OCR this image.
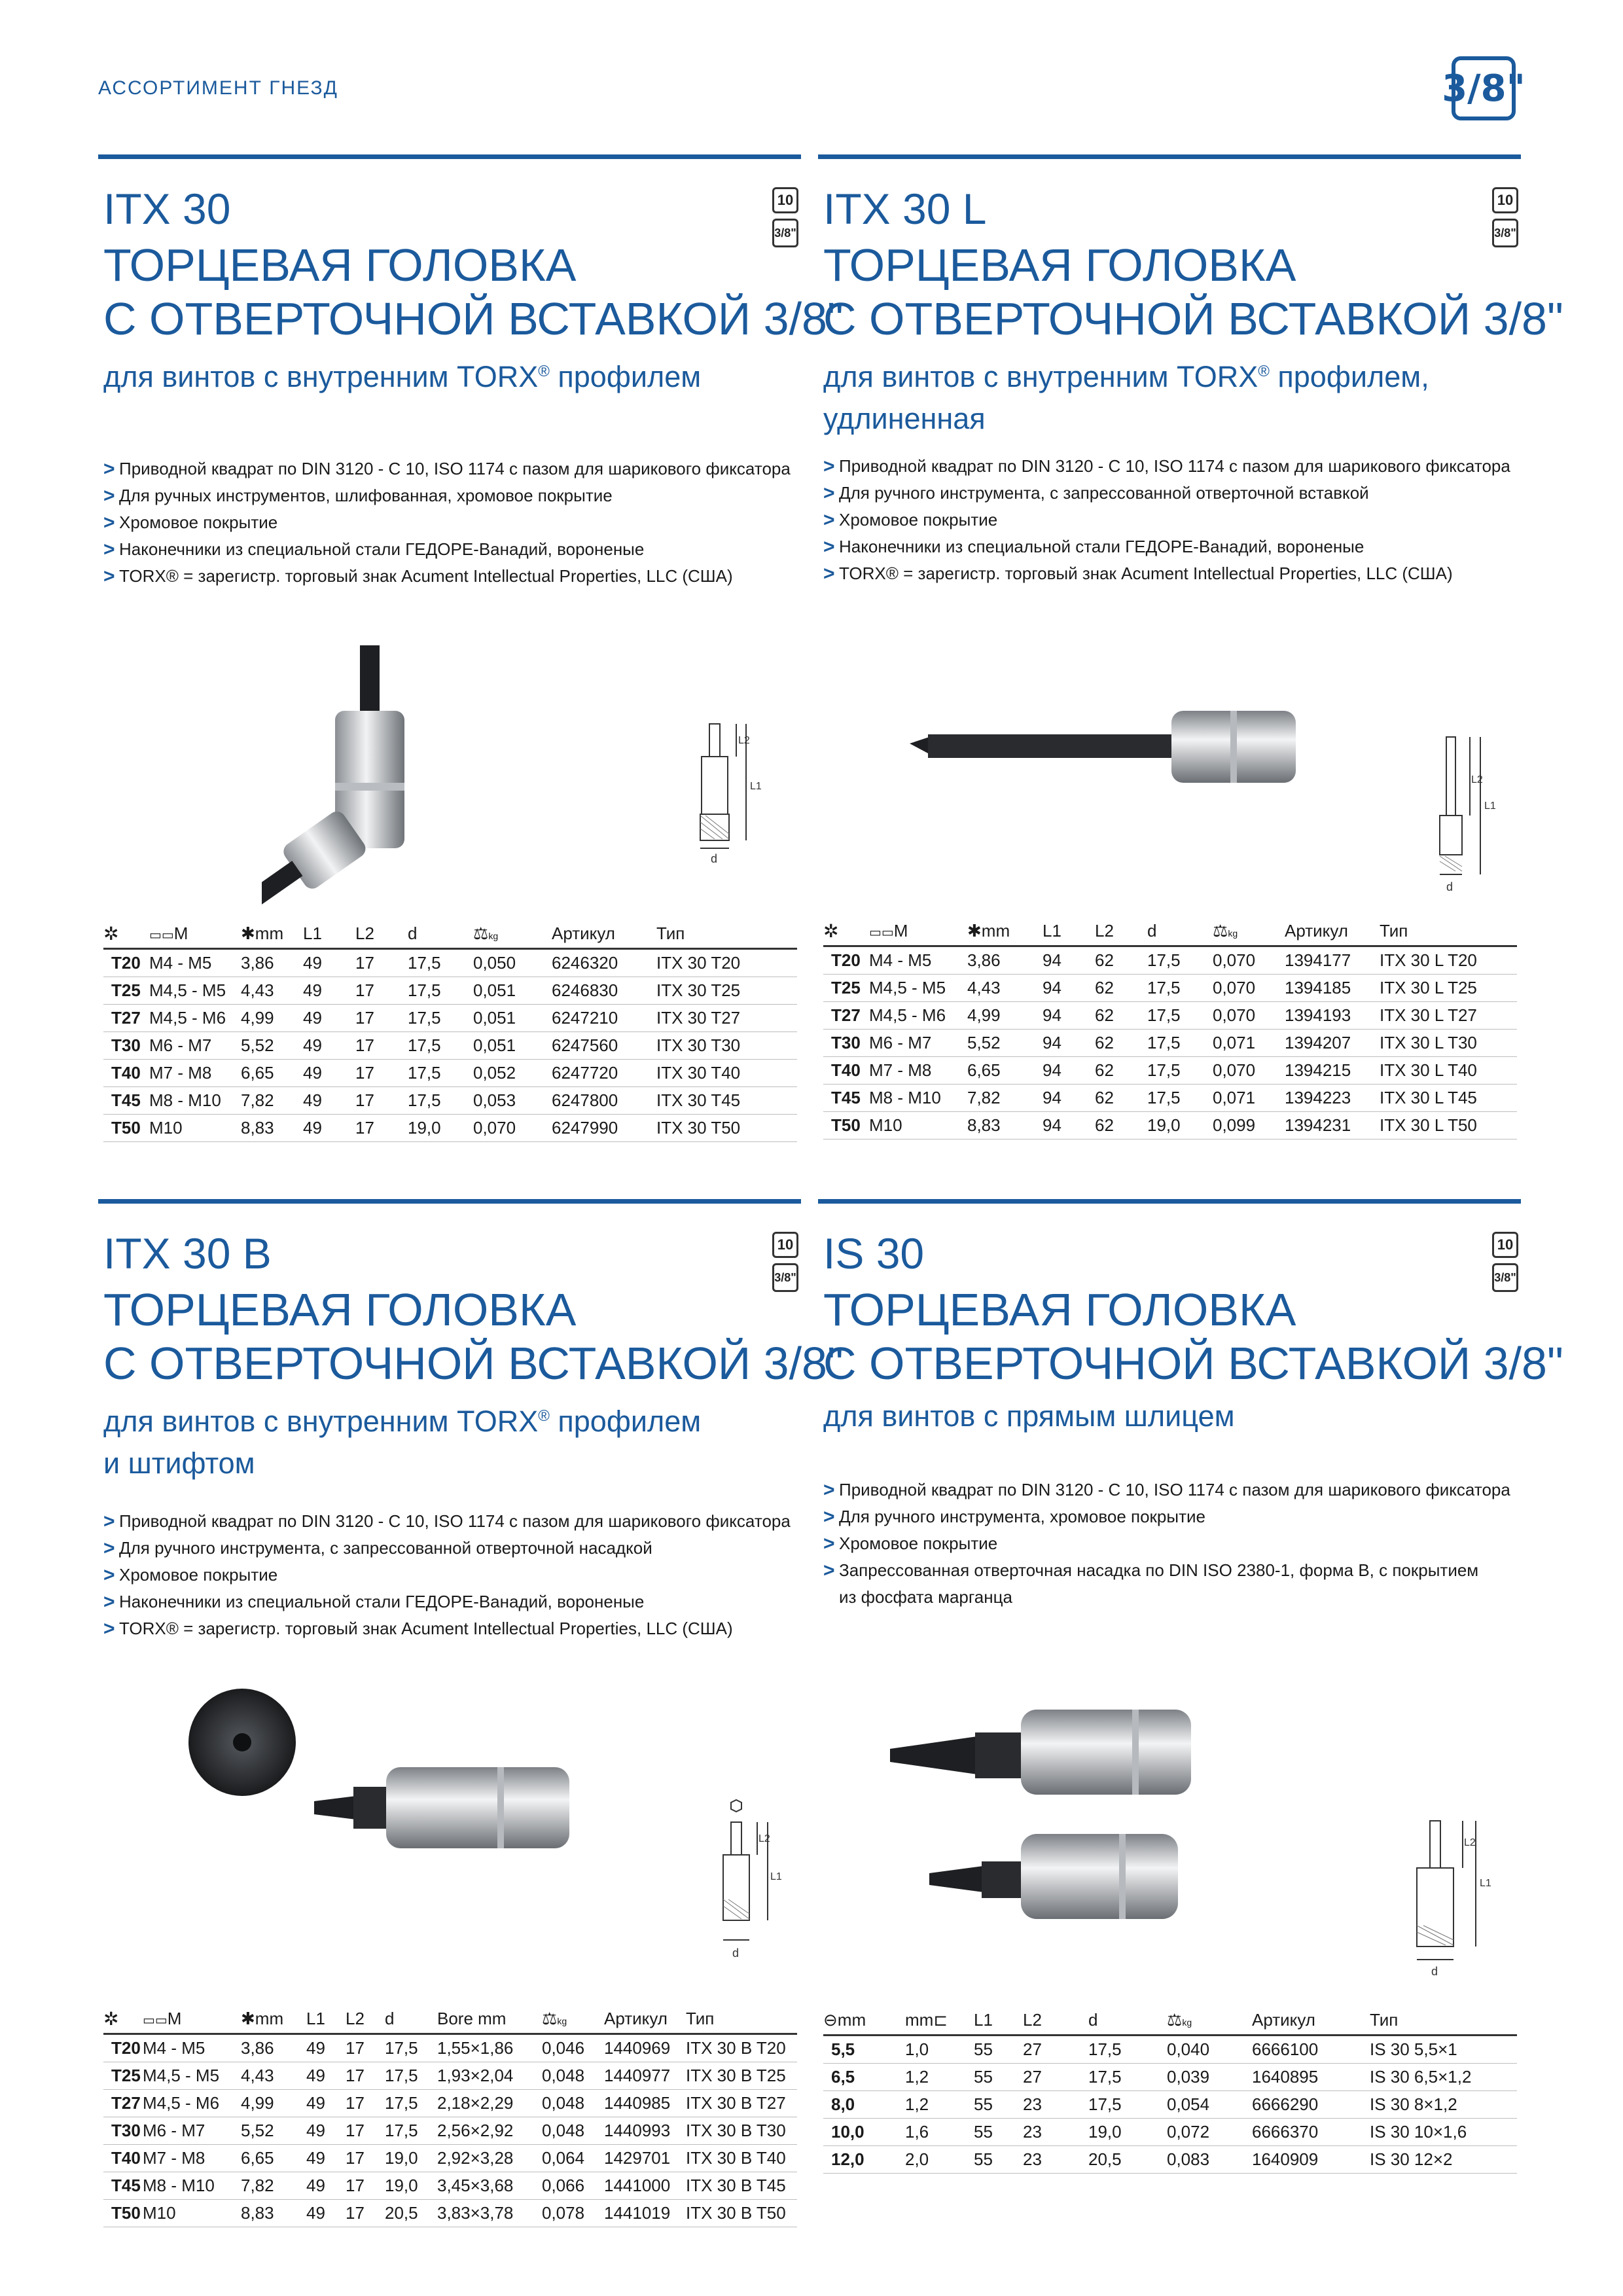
АССОРТИМЕНТ ГНЕЗД	3/8"
ITX 30	10
3/8"
ТОРЦЕВАЯ ГОЛОВКА
С ОТВЕРТОЧНОЙ ВСТАВКОЙ 3/8"
для винтов с внутренним TORX® профилем
> Приводной квадрат по DIN 3120 - C 10, ISO 1174 с пазом для шарикового фиксатора
> Для ручных инструментов, шлифованная, хромовое покрытие
> Хромовое покрытие
> Наконечники из специальной стали ГЕДОРЕ-Ванадий, вороненые
> TORX® = зарегистр. торговый знак Acument Intellectual Properties, LLC (США)
L2
L1
d
✲	▭▭M	✱mm	L1	L2	d	⚖kg	Артикул	Тип
T20	M4 - M5	3,86	49	17	17,5	0,050	6246320	ITX 30 T20
T25	M4,5 - M5	4,43	49	17	17,5	0,051	6246830	ITX 30 T25
T27	M4,5 - M6	4,99	49	17	17,5	0,051	6247210	ITX 30 T27
T30	M6 - M7	5,52	49	17	17,5	0,051	6247560	ITX 30 T30
T40	M7 - M8	6,65	49	17	17,5	0,052	6247720	ITX 30 T40
T45	M8 - M10	7,82	49	17	17,5	0,053	6247800	ITX 30 T45
T50	M10	8,83	49	17	19,0	0,070	6247990	ITX 30 T50
ITX 30 L	10
3/8"
ТОРЦЕВАЯ ГОЛОВКА
С ОТВЕРТОЧНОЙ ВСТАВКОЙ 3/8"
для винтов с внутренним TORX® профилем,
удлиненная
> Приводной квадрат по DIN 3120 - C 10, ISO 1174 с пазом для шарикового фиксатора
> Для ручного инструмента, с запрессованной отверточной вставкой
> Хромовое покрытие
> Наконечники из специальной стали ГЕДОРЕ-Ванадий, вороненые
> TORX® = зарегистр. торговый знак Acument Intellectual Properties, LLC (США)
L2
L1
d
✲	▭▭M	✱mm	L1	L2	d	⚖kg	Артикул	Тип
T20	M4 - M5	3,86	94	62	17,5	0,070	1394177	ITX 30 L T20
T25	M4,5 - M5	4,43	94	62	17,5	0,070	1394185	ITX 30 L T25
T27	M4,5 - M6	4,99	94	62	17,5	0,070	1394193	ITX 30 L T27
T30	M6 - M7	5,52	94	62	17,5	0,071	1394207	ITX 30 L T30
T40	M7 - M8	6,65	94	62	17,5	0,070	1394215	ITX 30 L T40
T45	M8 - M10	7,82	94	62	17,5	0,071	1394223	ITX 30 L T45
T50	M10	8,83	94	62	19,0	0,099	1394231	ITX 30 L T50
ITX 30 B	10
3/8"
ТОРЦЕВАЯ ГОЛОВКА
С ОТВЕРТОЧНОЙ ВСТАВКОЙ 3/8"
для винтов с внутренним TORX® профилем
и штифтом
> Приводной квадрат по DIN 3120 - C 10, ISO 1174 с пазом для шарикового фиксатора
> Для ручного инструмента, с запрессованной отверточной насадкой
> Хромовое покрытие
> Наконечники из специальной стали ГЕДОРЕ-Ванадий, вороненые
> TORX® = зарегистр. торговый знак Acument Intellectual Properties, LLC (США)
L2
L1
d
✲	▭▭M	✱mm	L1	L2	d	Bore mm	⚖kg	Артикул	Тип
T20	M4 - M5	3,86	49	17	17,5	1,55×1,86	0,046	1440969	ITX 30 B T20
T25	M4,5 - M5	4,43	49	17	17,5	1,93×2,04	0,048	1440977	ITX 30 B T25
T27	M4,5 - M6	4,99	49	17	17,5	2,18×2,29	0,048	1440985	ITX 30 B T27
T30	M6 - M7	5,52	49	17	17,5	2,56×2,92	0,048	1440993	ITX 30 B T30
T40	M7 - M8	6,65	49	17	19,0	2,92×3,28	0,064	1429701	ITX 30 B T40
T45	M8 - M10	7,82	49	17	19,0	3,45×3,68	0,066	1441000	ITX 30 B T45
T50	M10	8,83	49	17	20,5	3,83×3,78	0,078	1441019	ITX 30 B T50
IS 30	10
3/8"
ТОРЦЕВАЯ ГОЛОВКА
С ОТВЕРТОЧНОЙ ВСТАВКОЙ 3/8"
для винтов с прямым шлицем
> Приводной квадрат по DIN 3120 - C 10, ISO 1174 с пазом для шарикового фиксатора
> Для ручного инструмента, хромовое покрытие
> Хромовое покрытие
> Запрессованная отверточная насадка по DIN ISO 2380-1, форма B, с покрытием
из фосфата марганца
L2
L1
d
⊖mm	mm⊏	L1	L2	d	⚖kg	Артикул	Тип
5,5	1,0	55	27	17,5	0,040	6666100	IS 30 5,5×1
6,5	1,2	55	27	17,5	0,039	1640895	IS 30 6,5×1,2
8,0	1,2	55	23	17,5	0,054	6666290	IS 30 8×1,2
10,0	1,6	55	23	19,0	0,072	6666370	IS 30 10×1,6
12,0	2,0	55	23	20,5	0,083	1640909	IS 30 12×2
